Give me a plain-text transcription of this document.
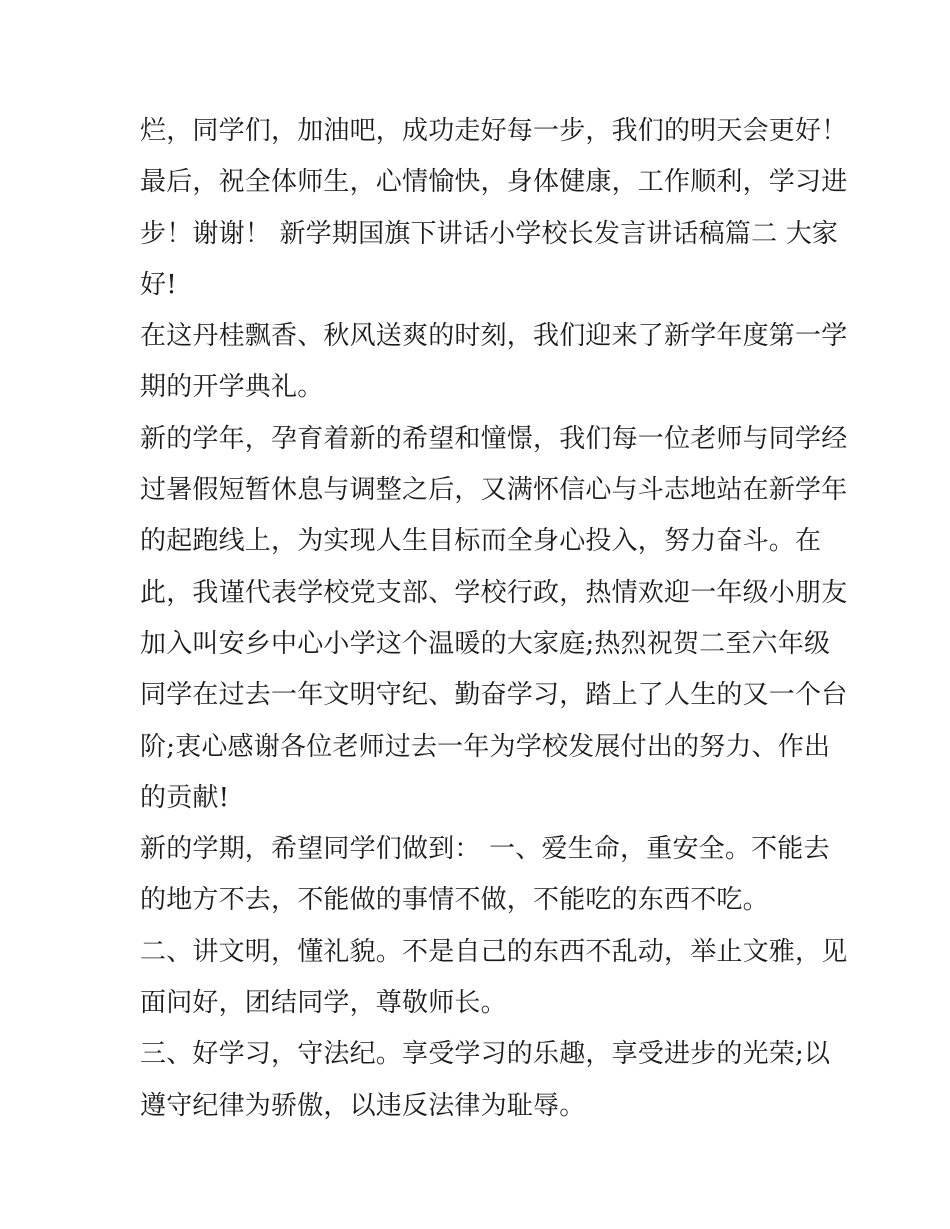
烂，同学们，加油吧，成功走好每一步，我们的明天会更好！
最后，祝全体师生，心情愉快，身体健康，工作顺利，学习进
步！谢谢！ 新学期国旗下讲话小学校长发言讲话稿篇二 大家
好!
在这丹桂飘香、秋风送爽的时刻，我们迎来了新学年度第一学
期的开学典礼。
新的学年，孕育着新的希望和憧憬，我们每一位老师与同学经
过暑假短暂休息与调整之后，又满怀信心与斗志地站在新学年
的起跑线上，为实现人生目标而全身心投入，努力奋斗。在
此，我谨代表学校党支部、学校行政，热情欢迎一年级小朋友
加入叫安乡中心小学这个温暖的大家庭;热烈祝贺二至六年级
同学在过去一年文明守纪、勤奋学习，踏上了人生的又一个台
阶;衷心感谢各位老师过去一年为学校发展付出的努力、作出
的贡献!
新的学期，希望同学们做到： 一、爱生命，重安全。不能去
的地方不去，不能做的事情不做，不能吃的东西不吃。
二、讲文明，懂礼貌。不是自己的东西不乱动，举止文雅，见
面问好，团结同学，尊敬师长。
三、好学习，守法纪。享受学习的乐趣，享受进步的光荣;以
遵守纪律为骄傲，以违反法律为耻辱。
